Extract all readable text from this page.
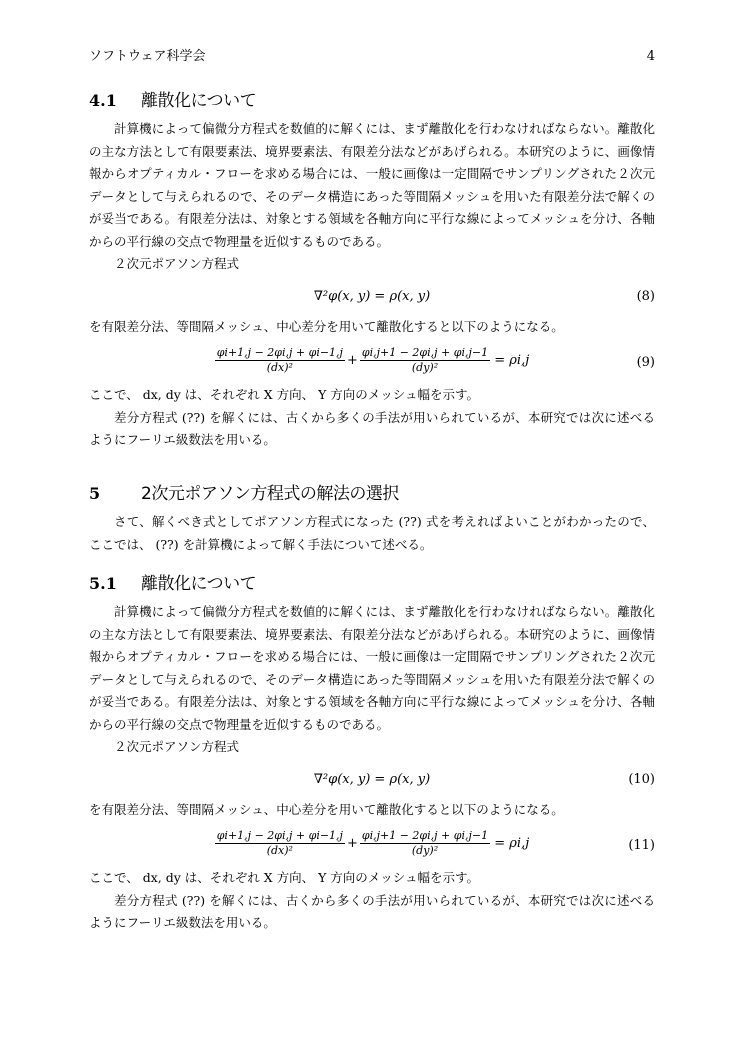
ソフトウェア科学会	4
4.1 離散化について

計算機によって偏微分方程式を数値的に解くには、まず離散化を行わなければならない。離散化の主な方法として有限要素法、境界要素法、有限差分法などがあげられる。本研究のように、画像情報からオプティカル・フローを求める場合には、一般に画像は一定間隔でサンプリングされた２次元データとして与えられるので、そのデータ構造にあった等間隔メッシュを用いた有限差分法で解くのが妥当である。有限差分法は、対象とする領域を各軸方向に平行な線によってメッシュを分け、各軸からの平行線の交点で物理量を近似するものである。

２次元ポアソン方程式

∇²φ(x, y) = ρ(x, y)	(8)

を有限差分法、等間隔メッシュ、中心差分を用いて離散化すると以下のようになる。

$\frac{\varphi i+1,j - 2\varphi i,j + \varphi i-1,j}{\text{(dx)²}} + \frac{\varphi i,j+1 - 2\varphi i,j + \varphi i,j-1}{\text{(dy)²}} = \rho i,j$	(9)

ここで、 dx, dy は、それぞれ X 方向、 Y 方向のメッシュ幅を示す。

差分方程式 (??) を解くには、古くから多くの手法が用いられているが、本研究では次に述べるようにフーリエ級数法を用いる。

5 2次元ポアソン方程式の解法の選択

さて、解くべき式としてポアソン方程式になった (??) 式を考えればよいことがわかったので、ここでは、 (??) を計算機によって解く手法について述べる。

5.1 離散化について

計算機によって偏微分方程式を数値的に解くには、まず離散化を行わなければならない。離散化の主な方法として有限要素法、境界要素法、有限差分法などがあげられる。本研究のように、画像情報からオプティカル・フローを求める場合には、一般に画像は一定間隔でサンプリングされた２次元データとして与えられるので、そのデータ構造にあった等間隔メッシュを用いた有限差分法で解くのが妥当である。有限差分法は、対象とする領域を各軸方向に平行な線によってメッシュを分け、各軸からの平行線の交点で物理量を近似するものである。

２次元ポアソン方程式

∇²φ(x, y) = ρ(x, y)	(10)

を有限差分法、等間隔メッシュ、中心差分を用いて離散化すると以下のようになる。

$\frac{\varphi i+1,j - 2\varphi i,j + \varphi i-1,j}{\text{(dx)²}} + \frac{\varphi i,j+1 - 2\varphi i,j + \varphi i,j-1}{\text{(dy)²}} = \rho i,j$	(11)

ここで、 dx, dy は、それぞれ X 方向、 Y 方向のメッシュ幅を示す。

差分方程式 (??) を解くには、古くから多くの手法が用いられているが、本研究では次に述べるようにフーリエ級数法を用いる。
